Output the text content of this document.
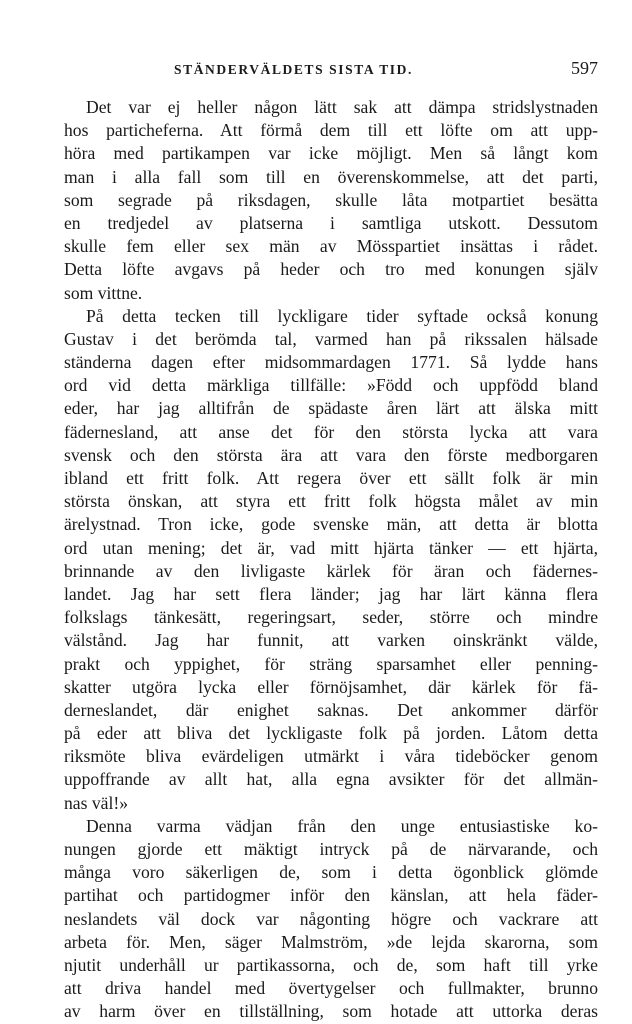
STÄNDERVÄLDETS SISTA TID.	597
Det var ej heller någon lätt sak att dämpa stridslystnaden
hos particheferna. Att förmå dem till ett löfte om att upp-
höra med partikampen var icke möjligt. Men så långt kom
man i alla fall som till en överenskommelse, att det parti,
som segrade på riksdagen, skulle låta motpartiet besätta
en tredjedel av platserna i samtliga utskott. Dessutom
skulle fem eller sex män av Mösspartiet insättas i rådet.
Detta löfte avgavs på heder och tro med konungen själv
som vittne.
På detta tecken till lyckligare tider syftade också konung
Gustav i det berömda tal, varmed han på rikssalen hälsade
ständerna dagen efter midsommardagen 1771. Så lydde hans
ord vid detta märkliga tillfälle: »Född och uppfödd bland
eder, har jag alltifrån de spädaste åren lärt att älska mitt
fädernesland, att anse det för den största lycka att vara
svensk och den största ära att vara den förste medborgaren
ibland ett fritt folk. Att regera över ett sällt folk är min
största önskan, att styra ett fritt folk högsta målet av min
ärelystnad. Tron icke, gode svenske män, att detta är blotta
ord utan mening; det är, vad mitt hjärta tänker — ett hjärta,
brinnande av den livligaste kärlek för äran och fädernes-
landet. Jag har sett flera länder; jag har lärt känna flera
folkslags tänkesätt, regeringsart, seder, större och mindre
välstånd. Jag har funnit, att varken oinskränkt välde,
prakt och yppighet, för sträng sparsamhet eller penning-
skatter utgöra lycka eller förnöjsamhet, där kärlek för fä-
derneslandet, där enighet saknas. Det ankommer därför
på eder att bliva det lyckligaste folk på jorden. Låtom detta
riksmöte bliva evärdeligen utmärkt i våra tideböcker genom
uppoffrande av allt hat, alla egna avsikter för det allmän-
nas väl!»
Denna varma vädjan från den unge entusiastiske ko-
nungen gjorde ett mäktigt intryck på de närvarande, och
många voro säkerligen de, som i detta ögonblick glömde
partihat och partidogmer inför den känslan, att hela fäder-
neslandets väl dock var någonting högre och vackrare att
arbeta för. Men, säger Malmström, »de lejda skarorna, som
njutit underhåll ur partikassorna, och de, som haft till yrke
att driva handel med övertygelser och fullmakter, brunno
av harm över en tillställning, som hotade att uttorka deras
